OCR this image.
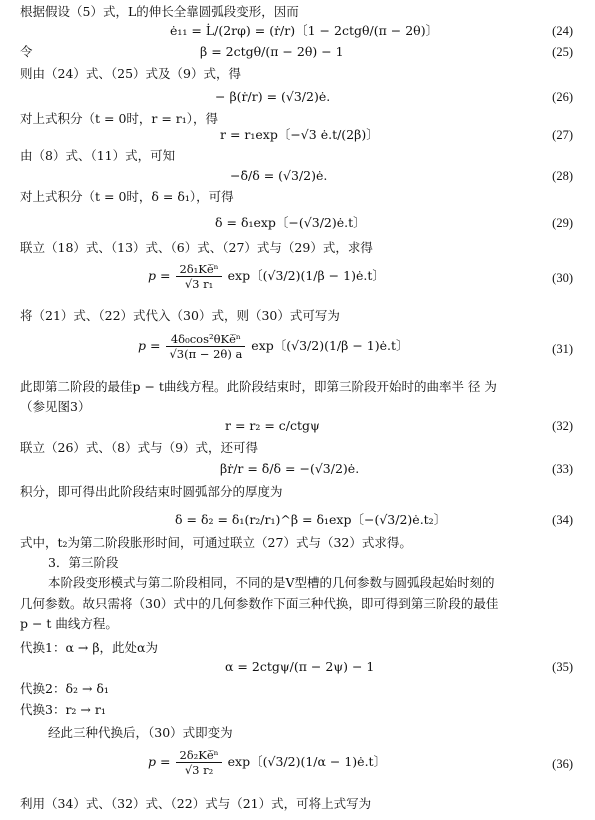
根据假设（5）式，L的伸长全靠圆弧段变形，因而
ė₁₁ = L̇/(2rφ) = (ṙ/r)〔1 − 2ctgθ/(π − 2θ)〕	(24)
令	β = 2ctgθ/(π − 2θ) − 1	(25)
则由（24）式、（25）式及（9）式，得
− β(ṙ/r) = (√3/2)ė.	(26)
对上式积分（t = 0时，r = r₁），得
r = r₁exp〔−√3 ė.t/(2β)〕	(27)
由（8）式、（11）式，可知
−δ̇/δ = (√3/2)ė.	(28)
对上式积分（t = 0时，δ = δ₁），可得
δ = δ₁exp〔−(√3/2)ė.t〕	(29)
联立（18）式、（13）式、（6）式、（27）式与（29）式，求得
$p = \frac{\text{2δ₁Kė̅ⁿ}}{\text{√3 r₁}}$ exp〔(√3/2)(1/β − 1)ė.t〕	(30)
将（21）式、（22）式代入（30）式，则（30）式可写为
$p = \frac{\text{4δ₀cos²θKė̅ⁿ}}{√3(\pi - 2\theta) a}$ exp〔(√3/2)(1/β − 1)ė.t〕	(31)
此即第二阶段的最佳p − t曲线方程。此阶段结束时，即第三阶段开始时的曲率半 径 为
（参见图3）
r = r₂ = c/ctgψ	(32)
联立（26）式、（8）式与（9）式，还可得
βṙ/r = δ̇/δ = −(√3/2)ė.	(33)
积分，即可得出此阶段结束时圆弧部分的厚度为
δ = δ₂ = δ₁(r₂/r₁)^β = δ₁exp〔−(√3/2)ė.t₂〕	(34)
式中，t₂为第二阶段胀形时间，可通过联立（27）式与（32）式求得。
3．第三阶段
本阶段变形模式与第二阶段相同，不同的是V型槽的几何参数与圆弧段起始时刻的
几何参数。故只需将（30）式中的几何参数作下面三种代换，即可得到第三阶段的最佳
p − t 曲线方程。
代换1：α → β，此处α为
α = 2ctgψ/(π − 2ψ) − 1	(35)
代换2：δ₂ → δ₁
代换3：r₂ → r₁
经此三种代换后，（30）式即变为
$p = \frac{\text{2δ₂Kė̅ⁿ}}{\text{√3 r₂}}$ exp〔(√3/2)(1/α − 1)ė.t〕	(36)
利用（34）式、（32）式、（22）式与（21）式，可将上式写为
